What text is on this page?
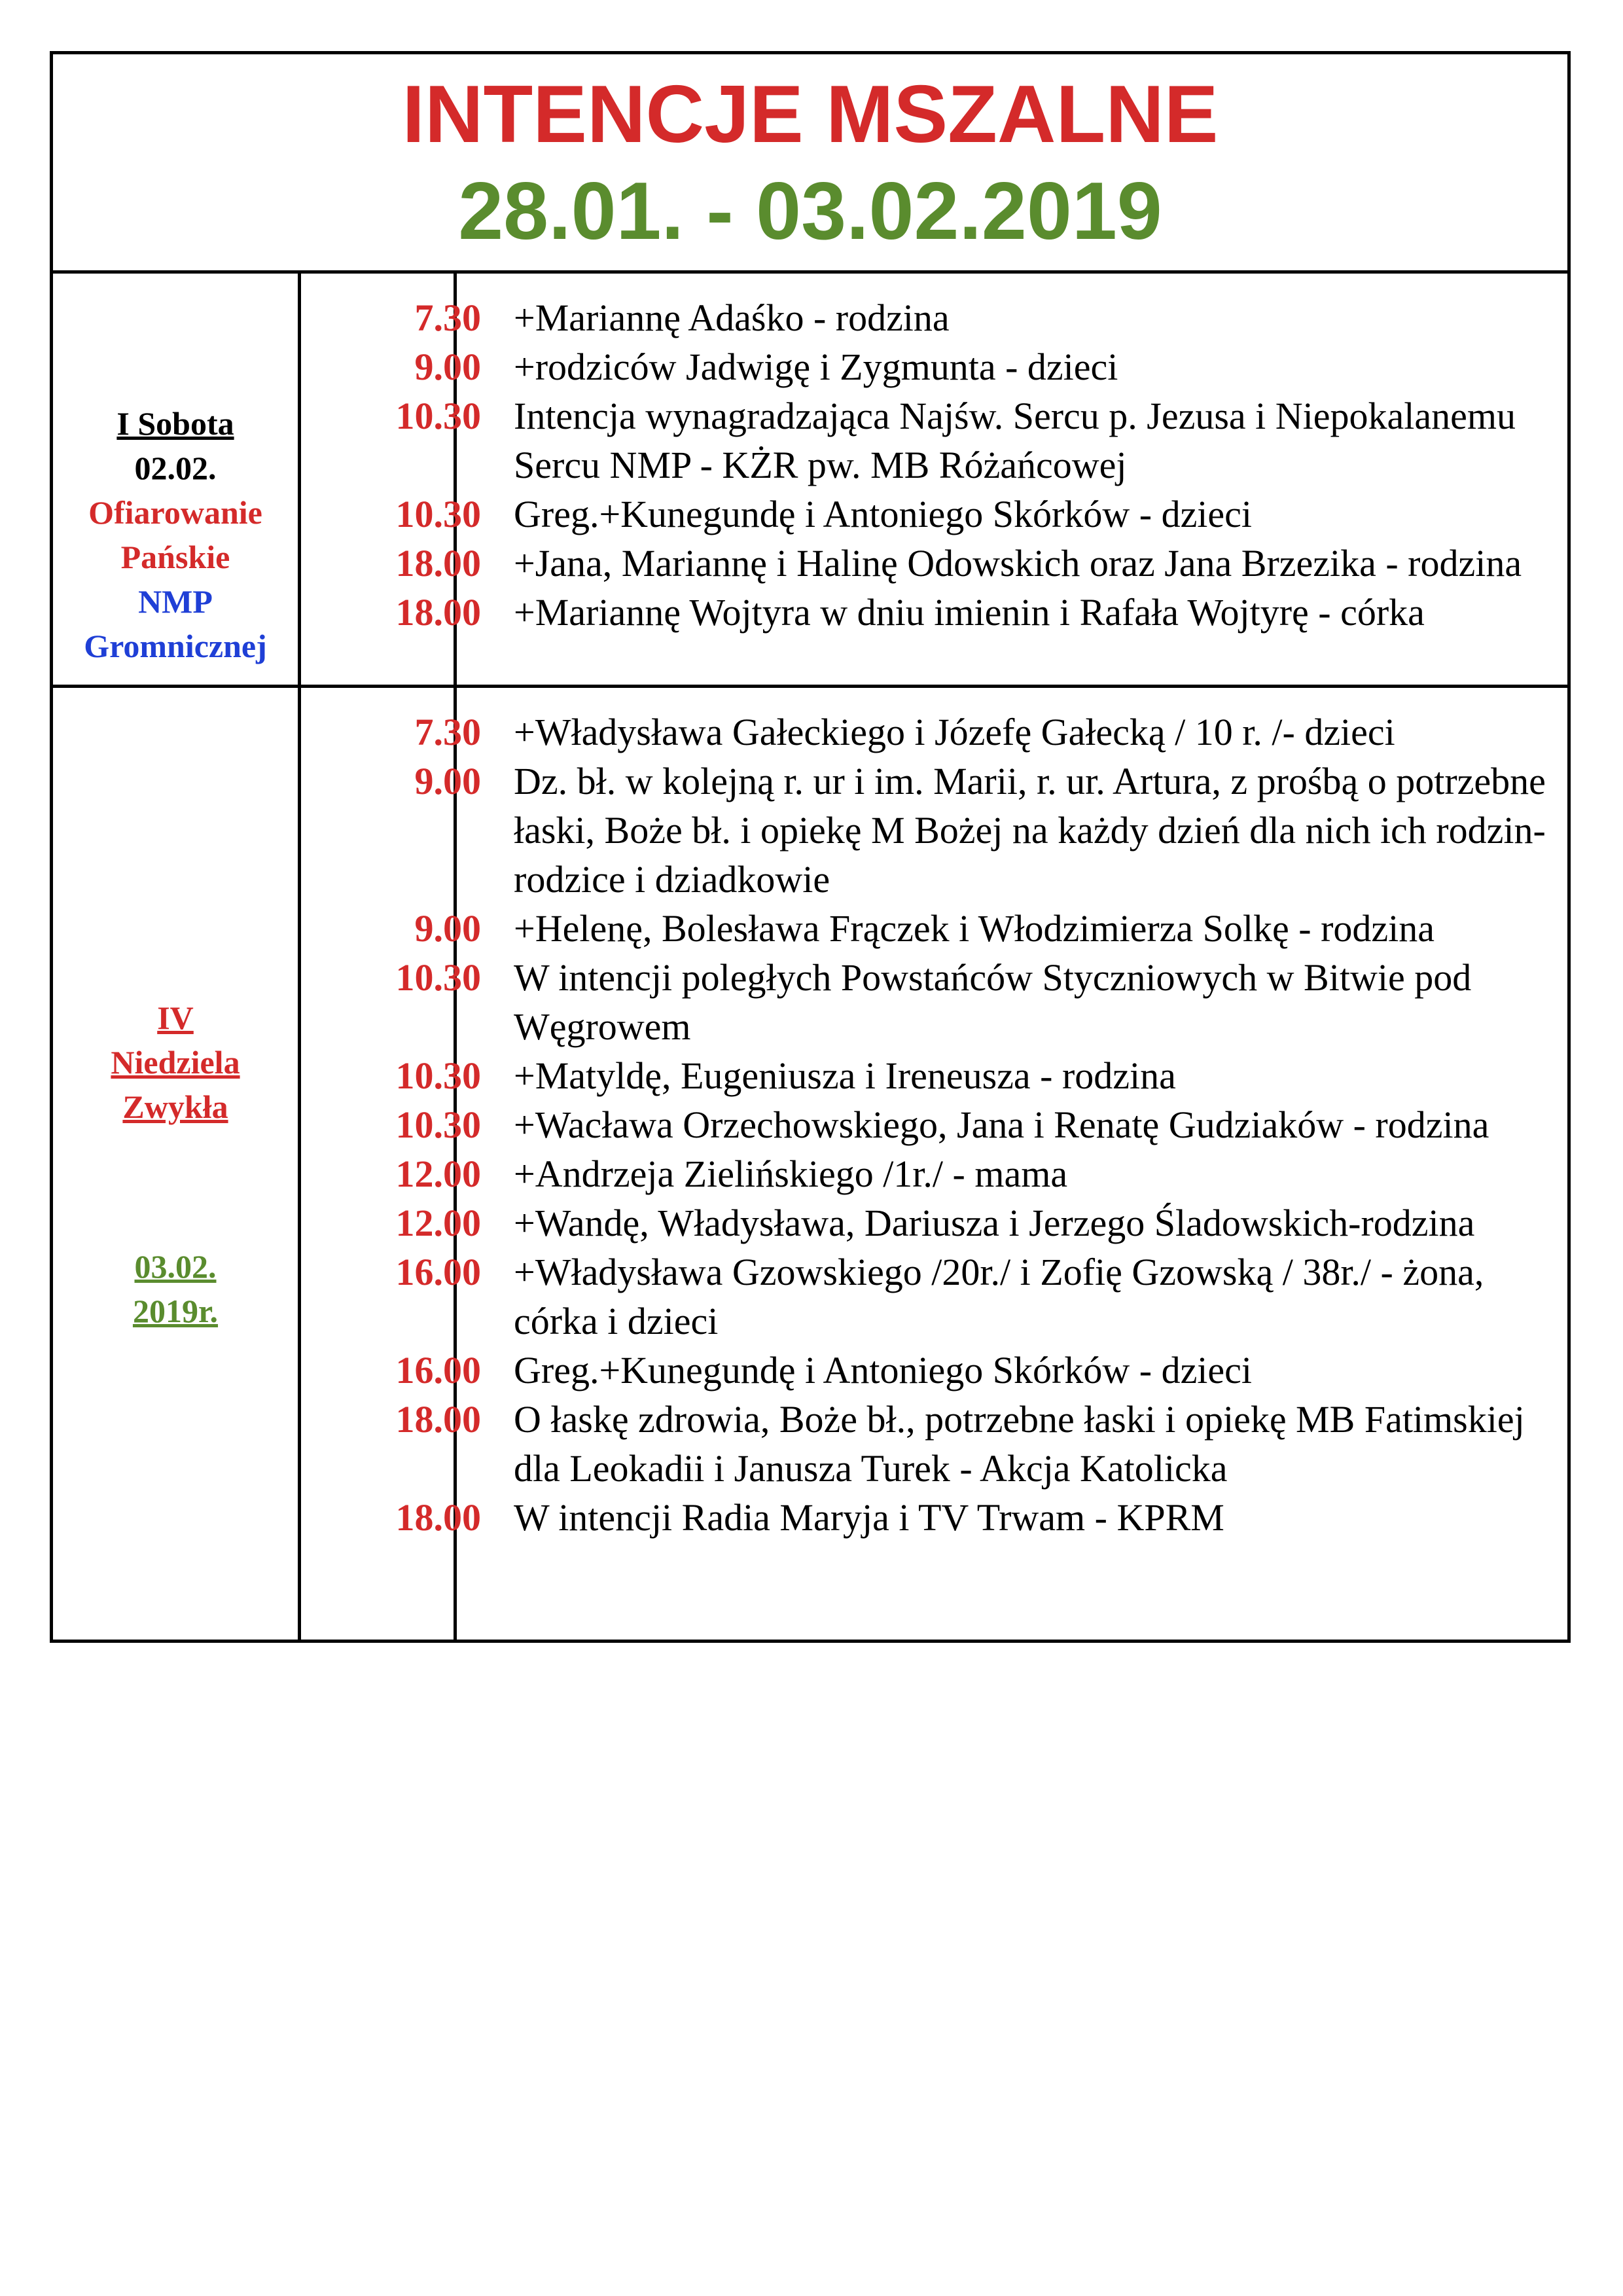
INTENCJE MSZALNE
28.01. - 03.02.2019
I Sobota
02.02.
Ofiarowanie
Pańskie
NMP
Gromnicznej
7.30 +Mariannę Adaśko - rodzina
9.00 +rodziców Jadwigę i Zygmunta - dzieci
10.30 Intencja wynagradzająca Najśw. Sercu p. Jezusa i Niepokalanemu Sercu NMP - KŻR pw. MB Różańcowej
10.30 Greg.+Kunegundę i Antoniego Skórków - dzieci
18.00 +Jana, Mariannę i Halinę Odowskich oraz Jana Brzezika - rodzina
18.00 +Mariannę Wojtyra w dniu imienin i Rafała Wojtyrę - córka
IV
Niedziela
Zwykła
03.02.
2019r.
7.30 +Władysława Gałeckiego i Józefę Gałecką / 10 r. /- dzieci
9.00 Dz. bł. w kolejną r. ur i im. Marii, r. ur. Artura, z prośbą o potrzebne łaski, Boże bł. i opiekę M Bożej na każdy dzień dla nich ich rodzin-rodzice i dziadkowie
9.00 +Helenę, Bolesława Frączek i Włodzimierza Solkę - rodzina
10.30 W intencji poległych Powstańców Styczniowych w Bitwie pod Węgrowem
10.30 +Matyldę, Eugeniusza i Ireneusza - rodzina
10.30 +Wacława Orzechowskiego, Jana i Renatę Gudziaków - rodzina
12.00 +Andrzeja Zielińskiego /1r./ - mama
12.00 +Wandę, Władysława, Dariusza i Jerzego Śladowskich-rodzina
16.00 +Władysława Gzowskiego /20r./ i Zofię Gzowską / 38r./ - żona, córka i dzieci
16.00 Greg.+Kunegundę i Antoniego Skórków - dzieci
18.00 O łaskę zdrowia, Boże bł., potrzebne łaski i opiekę MB Fatimskiej dla Leokadii i Janusza Turek - Akcja Katolicka
18.00 W intencji Radia Maryja i TV Trwam - KPRM
